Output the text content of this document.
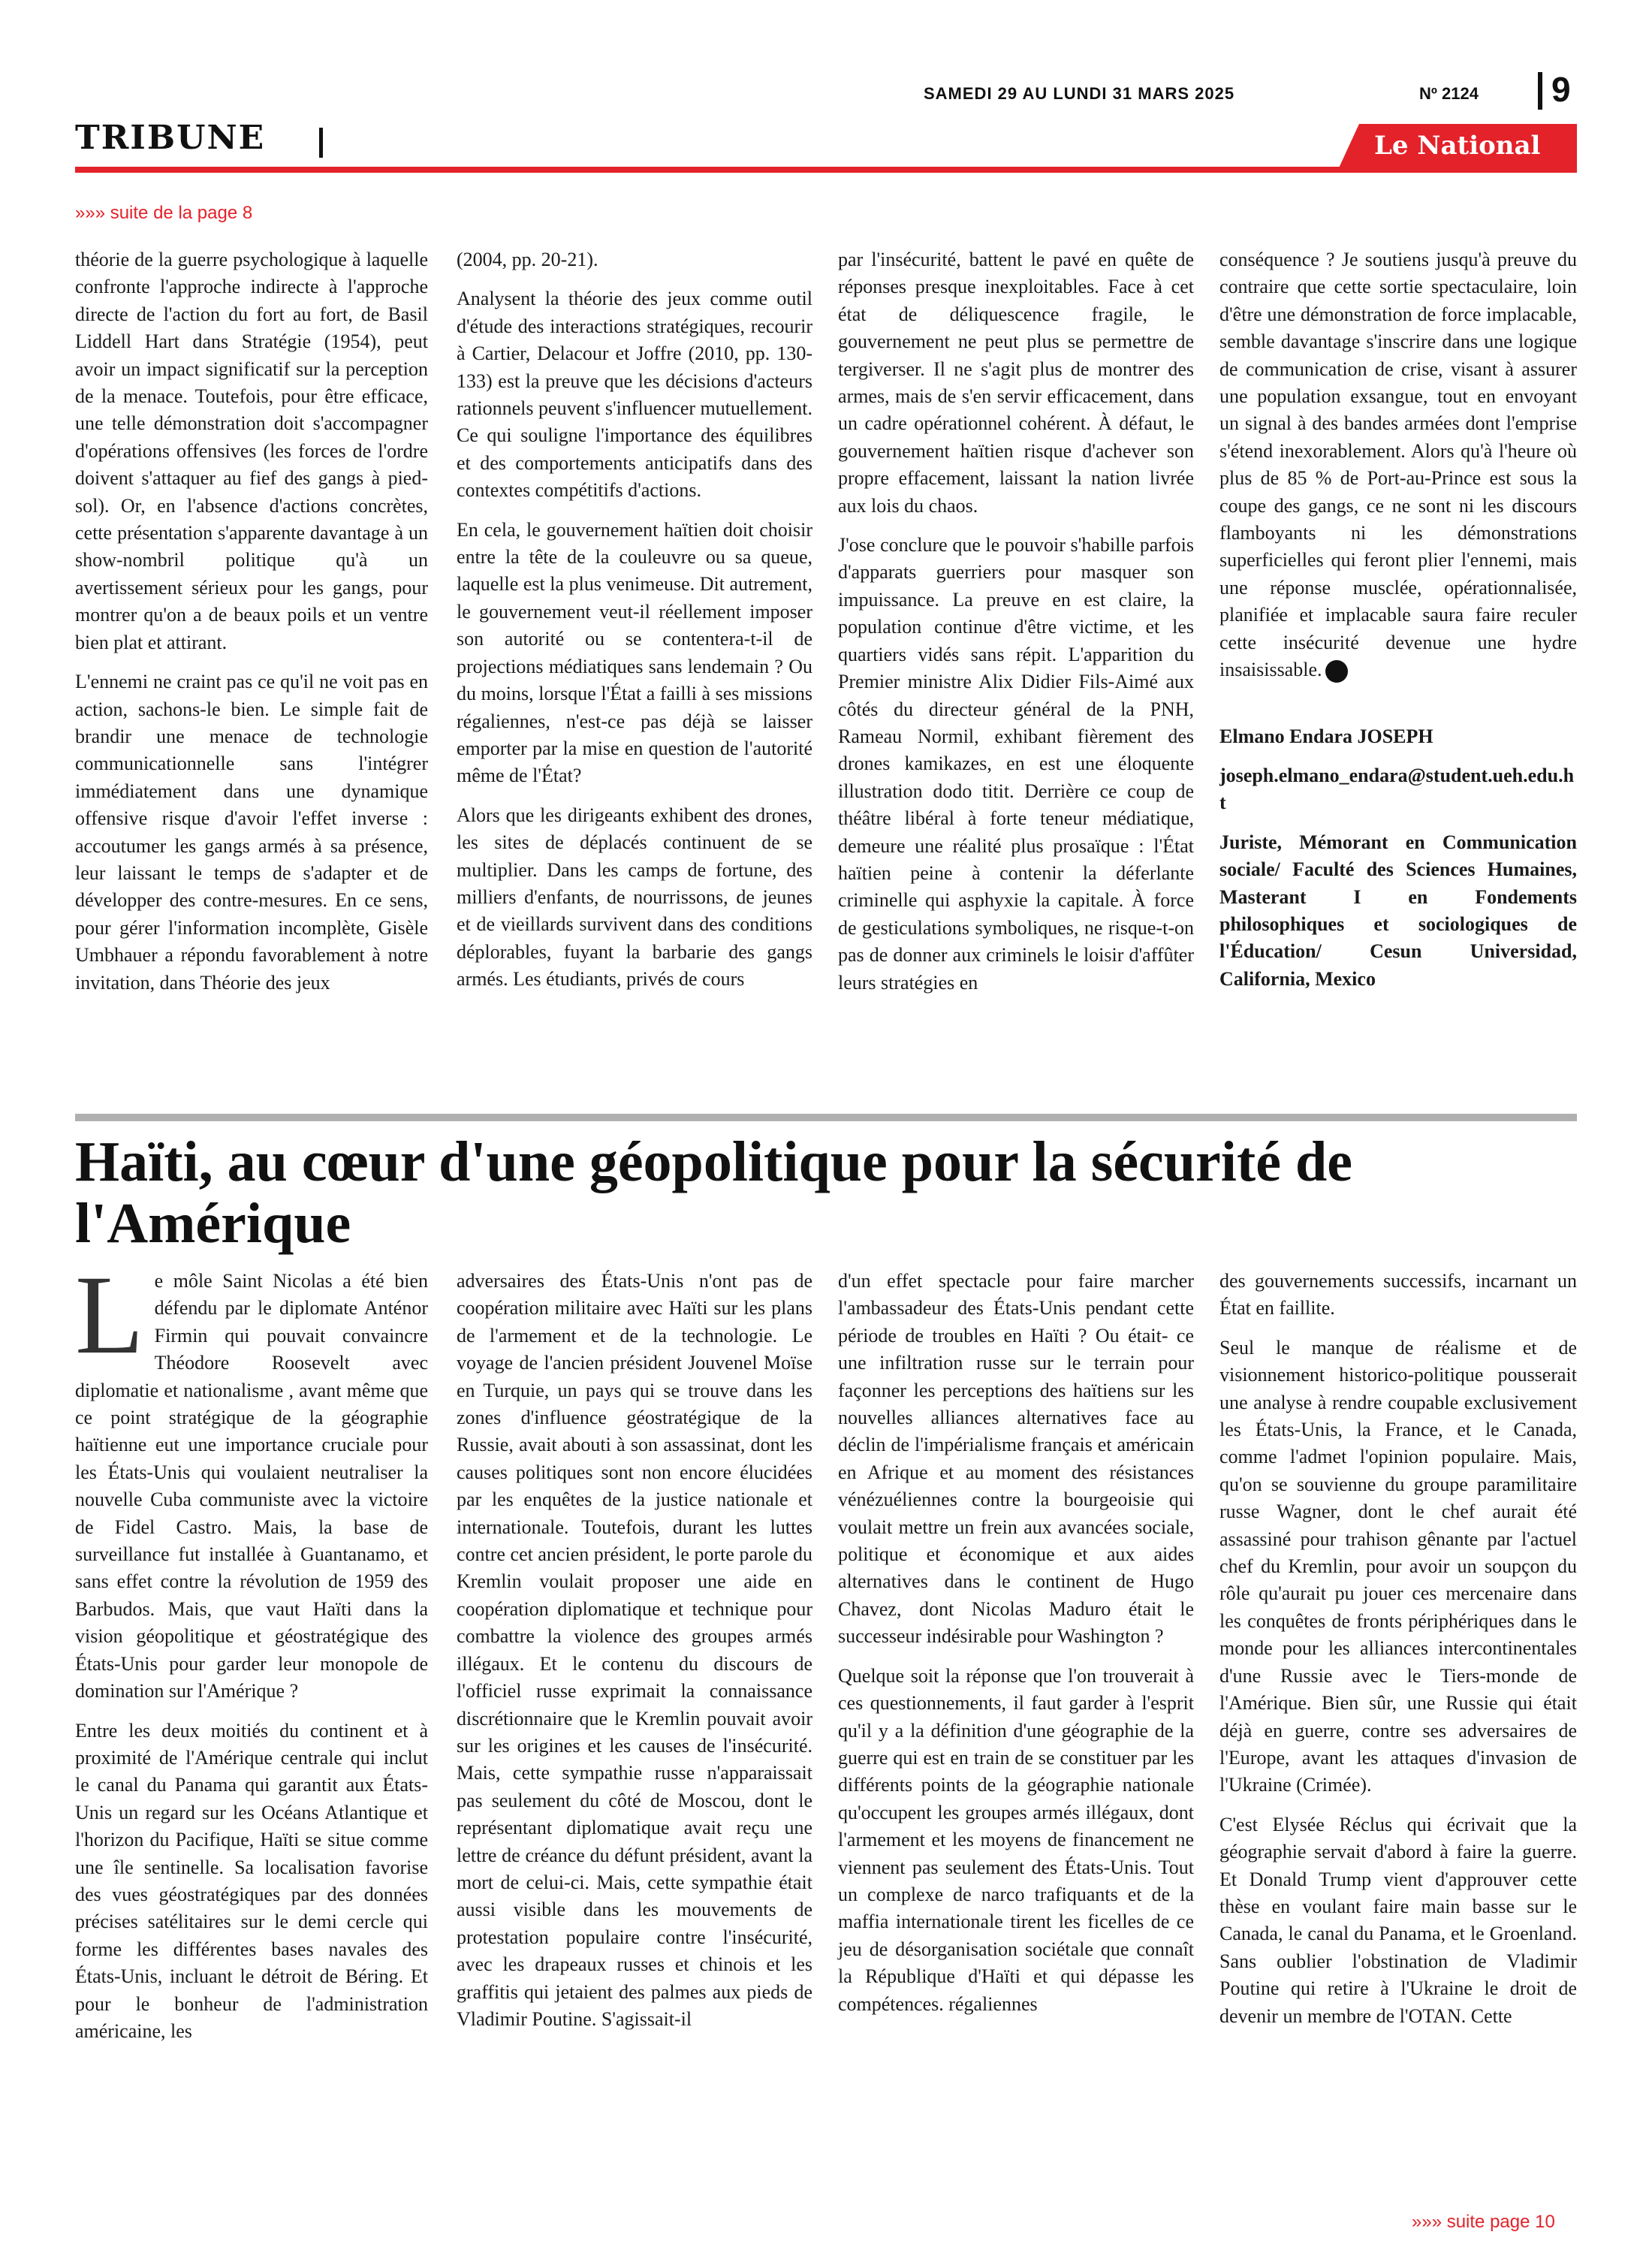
SAMEDI 29 AU LUNDI 31 MARS 2025	Nº 2124 9
TRIBUNE	Le National
»»» suite de la page 8

théorie de la guerre psychologique à laquelle confronte l'approche indirecte à l'approche directe de l'action du fort au fort, de Basil Liddell Hart dans Stratégie (1954), peut avoir un impact significatif sur la perception de la menace. Toutefois, pour être efficace, une telle démonstration doit s'accompagner d'opérations offensives (les forces de l'ordre doivent s'attaquer au fief des gangs à pied-sol). Or, en l'absence d'actions concrètes, cette présentation s'apparente davantage à un show-nombril politique qu'à un avertissement sérieux pour les gangs, pour montrer qu'on a de beaux poils et un ventre bien plat et attirant.

L'ennemi ne craint pas ce qu'il ne voit pas en action, sachons-le bien. Le simple fait de brandir une menace de technologie communicationnelle sans l'intégrer immédiatement dans une dynamique offensive risque d'avoir l'effet inverse : accoutumer les gangs armés à sa présence, leur laissant le temps de s'adapter et de développer des contre-mesures. En ce sens, pour gérer l'information incomplète, Gisèle Umbhauer a répondu favorablement à notre invitation, dans Théorie des jeux

(2004, pp. 20-21).

Analysent la théorie des jeux comme outil d'étude des interactions stratégiques, recourir à Cartier, Delacour et Joffre (2010, pp. 130-133) est la preuve que les décisions d'acteurs rationnels peuvent s'influencer mutuellement. Ce qui souligne l'importance des équilibres et des comportements anticipatifs dans des contextes compétitifs d'actions.

En cela, le gouvernement haïtien doit choisir entre la tête de la couleuvre ou sa queue, laquelle est la plus venimeuse. Dit autrement, le gouvernement veut-il réellement imposer son autorité ou se contentera-t-il de projections médiatiques sans lendemain ? Ou du moins, lorsque l'État a failli à ses missions régaliennes, n'est-ce pas déjà se laisser emporter par la mise en question de l'autorité même de l'État?

Alors que les dirigeants exhibent des drones, les sites de déplacés continuent de se multiplier. Dans les camps de fortune, des milliers d'enfants, de nourrissons, de jeunes et de vieillards survivent dans des conditions déplorables, fuyant la barbarie des gangs armés. Les étudiants, privés de cours

par l'insécurité, battent le pavé en quête de réponses presque inexploitables. Face à cet état de déliquescence fragile, le gouvernement ne peut plus se permettre de tergiverser. Il ne s'agit plus de montrer des armes, mais de s'en servir efficacement, dans un cadre opérationnel cohérent. À défaut, le gouvernement haïtien risque d'achever son propre effacement, laissant la nation livrée aux lois du chaos.

J'ose conclure que le pouvoir s'habille parfois d'apparats guerriers pour masquer son impuissance. La preuve en est claire, la population continue d'être victime, et les quartiers vidés sans répit. L'apparition du Premier ministre Alix Didier Fils-Aimé aux côtés du directeur général de la PNH, Rameau Normil, exhibant fièrement des drones kamikazes, en est une éloquente illustration dodo titit. Derrière ce coup de théâtre libéral à forte teneur médiatique, demeure une réalité plus prosaïque : l'État haïtien peine à contenir la déferlante criminelle qui asphyxie la capitale. À force de gesticulations symboliques, ne risque-t-on pas de donner aux criminels le loisir d'affûter leurs stratégies en

conséquence ? Je soutiens jusqu'à preuve du contraire que cette sortie spectaculaire, loin d'être une démonstration de force implacable, semble davantage s'inscrire dans une logique de communication de crise, visant à assurer une population exsangue, tout en envoyant un signal à des bandes armées dont l'emprise s'étend inexorablement. Alors qu'à l'heure où plus de 85 % de Port-au-Prince est sous la coupe des gangs, ce ne sont ni les discours flamboyants ni les démonstrations superficielles qui feront plier l'ennemi, mais une réponse musclée, opérationnalisée, planifiée et implacable saura faire reculer cette insécurité devenue une hydre insaisissable.

Elmano Endara JOSEPH

joseph.elmano_endara@student.ueh.edu.ht

Juriste, Mémorant en Communication sociale/ Faculté des Sciences Humaines, Masterant I en Fondements philosophiques et sociologiques de l'Éducation/ Cesun Universidad, California, Mexico

Haïti, au cœur d'une géopolitique pour la sécurité de l'Amérique

Le môle Saint Nicolas a été bien défendu par le diplomate Anténor Firmin qui pouvait convaincre Théodore Roosevelt avec diplomatie et nationalisme , avant même que ce point stratégique de la géographie haïtienne eut une importance cruciale pour les États-Unis qui voulaient neutraliser la nouvelle Cuba communiste avec la victoire de Fidel Castro. Mais, la base de surveillance fut installée à Guantanamo, et sans effet contre la révolution de 1959 des Barbudos. Mais, que vaut Haïti dans la vision géopolitique et géostratégique des États-Unis pour garder leur monopole de domination sur l'Amérique ?

Entre les deux moitiés du continent et à proximité de l'Amérique centrale qui inclut le canal du Panama qui garantit aux États-Unis un regard sur les Océans Atlantique et l'horizon du Pacifique, Haïti se situe comme une île sentinelle. Sa localisation favorise des vues géostratégiques par des données précises satélitaires sur le demi cercle qui forme les différentes bases navales des États-Unis, incluant le détroit de Béring. Et pour le bonheur de l'administration américaine, les

adversaires des États-Unis n'ont pas de coopération militaire avec Haïti sur les plans de l'armement et de la technologie. Le voyage de l'ancien président Jouvenel Moïse en Turquie, un pays qui se trouve dans les zones d'influence géostratégique de la Russie, avait abouti à son assassinat, dont les causes politiques sont non encore élucidées par les enquêtes de la justice nationale et internationale. Toutefois, durant les luttes contre cet ancien président, le porte parole du Kremlin voulait proposer une aide en coopération diplomatique et technique pour combattre la violence des groupes armés illégaux. Et le contenu du discours de l'officiel russe exprimait la connaissance discrétionnaire que le Kremlin pouvait avoir sur les origines et les causes de l'insécurité. Mais, cette sympathie russe n'apparaissait pas seulement du côté de Moscou, dont le représentant diplomatique avait reçu une lettre de créance du défunt président, avant la mort de celui-ci. Mais, cette sympathie était aussi visible dans les mouvements de protestation populaire contre l'insécurité, avec les drapeaux russes et chinois et les graffitis qui jetaient des palmes aux pieds de Vladimir Poutine. S'agissait-il

d'un effet spectacle pour faire marcher l'ambassadeur des États-Unis pendant cette période de troubles en Haïti ? Ou était- ce une infiltration russe sur le terrain pour façonner les perceptions des haïtiens sur les nouvelles alliances alternatives face au déclin de l'impérialisme français et américain en Afrique et au moment des résistances vénézuéliennes contre la bourgeoisie qui voulait mettre un frein aux avancées sociale, politique et économique et aux aides alternatives dans le continent de Hugo Chavez, dont Nicolas Maduro était le successeur indésirable pour Washington ?

Quelque soit la réponse que l'on trouverait à ces questionnements, il faut garder à l'esprit qu'il y a la définition d'une géographie de la guerre qui est en train de se constituer par les différents points de la géographie nationale qu'occupent les groupes armés illégaux, dont l'armement et les moyens de financement ne viennent pas seulement des États-Unis. Tout un complexe de narco trafiquants et de la maffia internationale tirent les ficelles de ce jeu de désorganisation sociétale que connaît la République d'Haïti et qui dépasse les compétences. régaliennes

des gouvernements successifs, incarnant un État en faillite.

Seul le manque de réalisme et de visionnement historico-politique pousserait une analyse à rendre coupable exclusivement les États-Unis, la France, et le Canada, comme l'admet l'opinion populaire. Mais, qu'on se souvienne du groupe paramilitaire russe Wagner, dont le chef aurait été assassiné pour trahison gênante par l'actuel chef du Kremlin, pour avoir un soupçon du rôle qu'aurait pu jouer ces mercenaire dans les conquêtes de fronts périphériques dans le monde pour les alliances intercontinentales d'une Russie avec le Tiers-monde de l'Amérique. Bien sûr, une Russie qui était déjà en guerre, contre ses adversaires de l'Europe, avant les attaques d'invasion de l'Ukraine (Crimée).

C'est Elysée Réclus qui écrivait que la géographie servait d'abord à faire la guerre. Et Donald Trump vient d'approuver cette thèse en voulant faire main basse sur le Canada, le canal du Panama, et le Groenland. Sans oublier l'obstination de Vladimir Poutine qui retire à l'Ukraine le droit de devenir un membre de l'OTAN. Cette

»»» suite page 10
